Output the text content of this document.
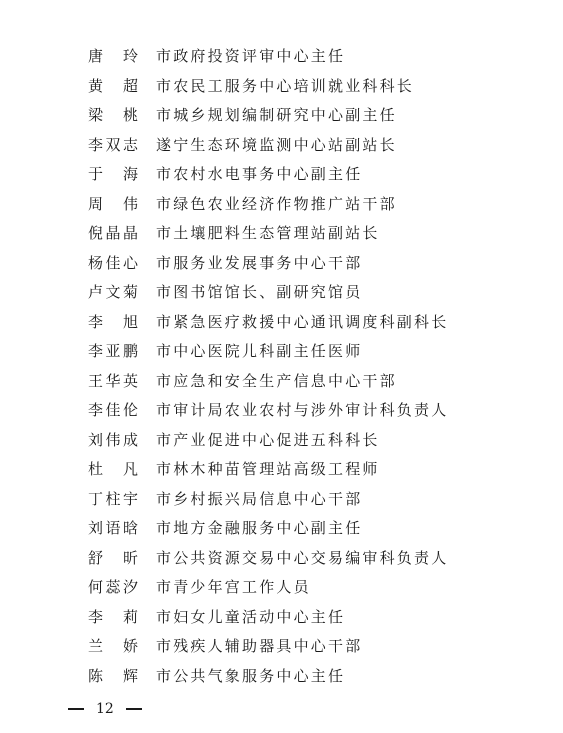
唐　玲 市政府投资评审中心主任
黄　超 市农民工服务中心培训就业科科长
梁　桃 市城乡规划编制研究中心副主任
李双志 遂宁生态环境监测中心站副站长
于　海 市农村水电事务中心副主任
周　伟 市绿色农业经济作物推广站干部
倪晶晶 市土壤肥料生态管理站副站长
杨佳心 市服务业发展事务中心干部
卢文菊 市图书馆馆长、副研究馆员
李　旭 市紧急医疗救援中心通讯调度科副科长
李亚鹏 市中心医院儿科副主任医师
王华英 市应急和安全生产信息中心干部
李佳伦 市审计局农业农村与涉外审计科负责人
刘伟成 市产业促进中心促进五科科长
杜　凡 市林木种苗管理站高级工程师
丁柱宇 市乡村振兴局信息中心干部
刘语晗 市地方金融服务中心副主任
舒　昕 市公共资源交易中心交易编审科负责人
何蕊汐 市青少年宫工作人员
李　莉 市妇女儿童活动中心主任
兰　娇 市残疾人辅助器具中心干部
陈　辉 市公共气象服务中心主任
12
